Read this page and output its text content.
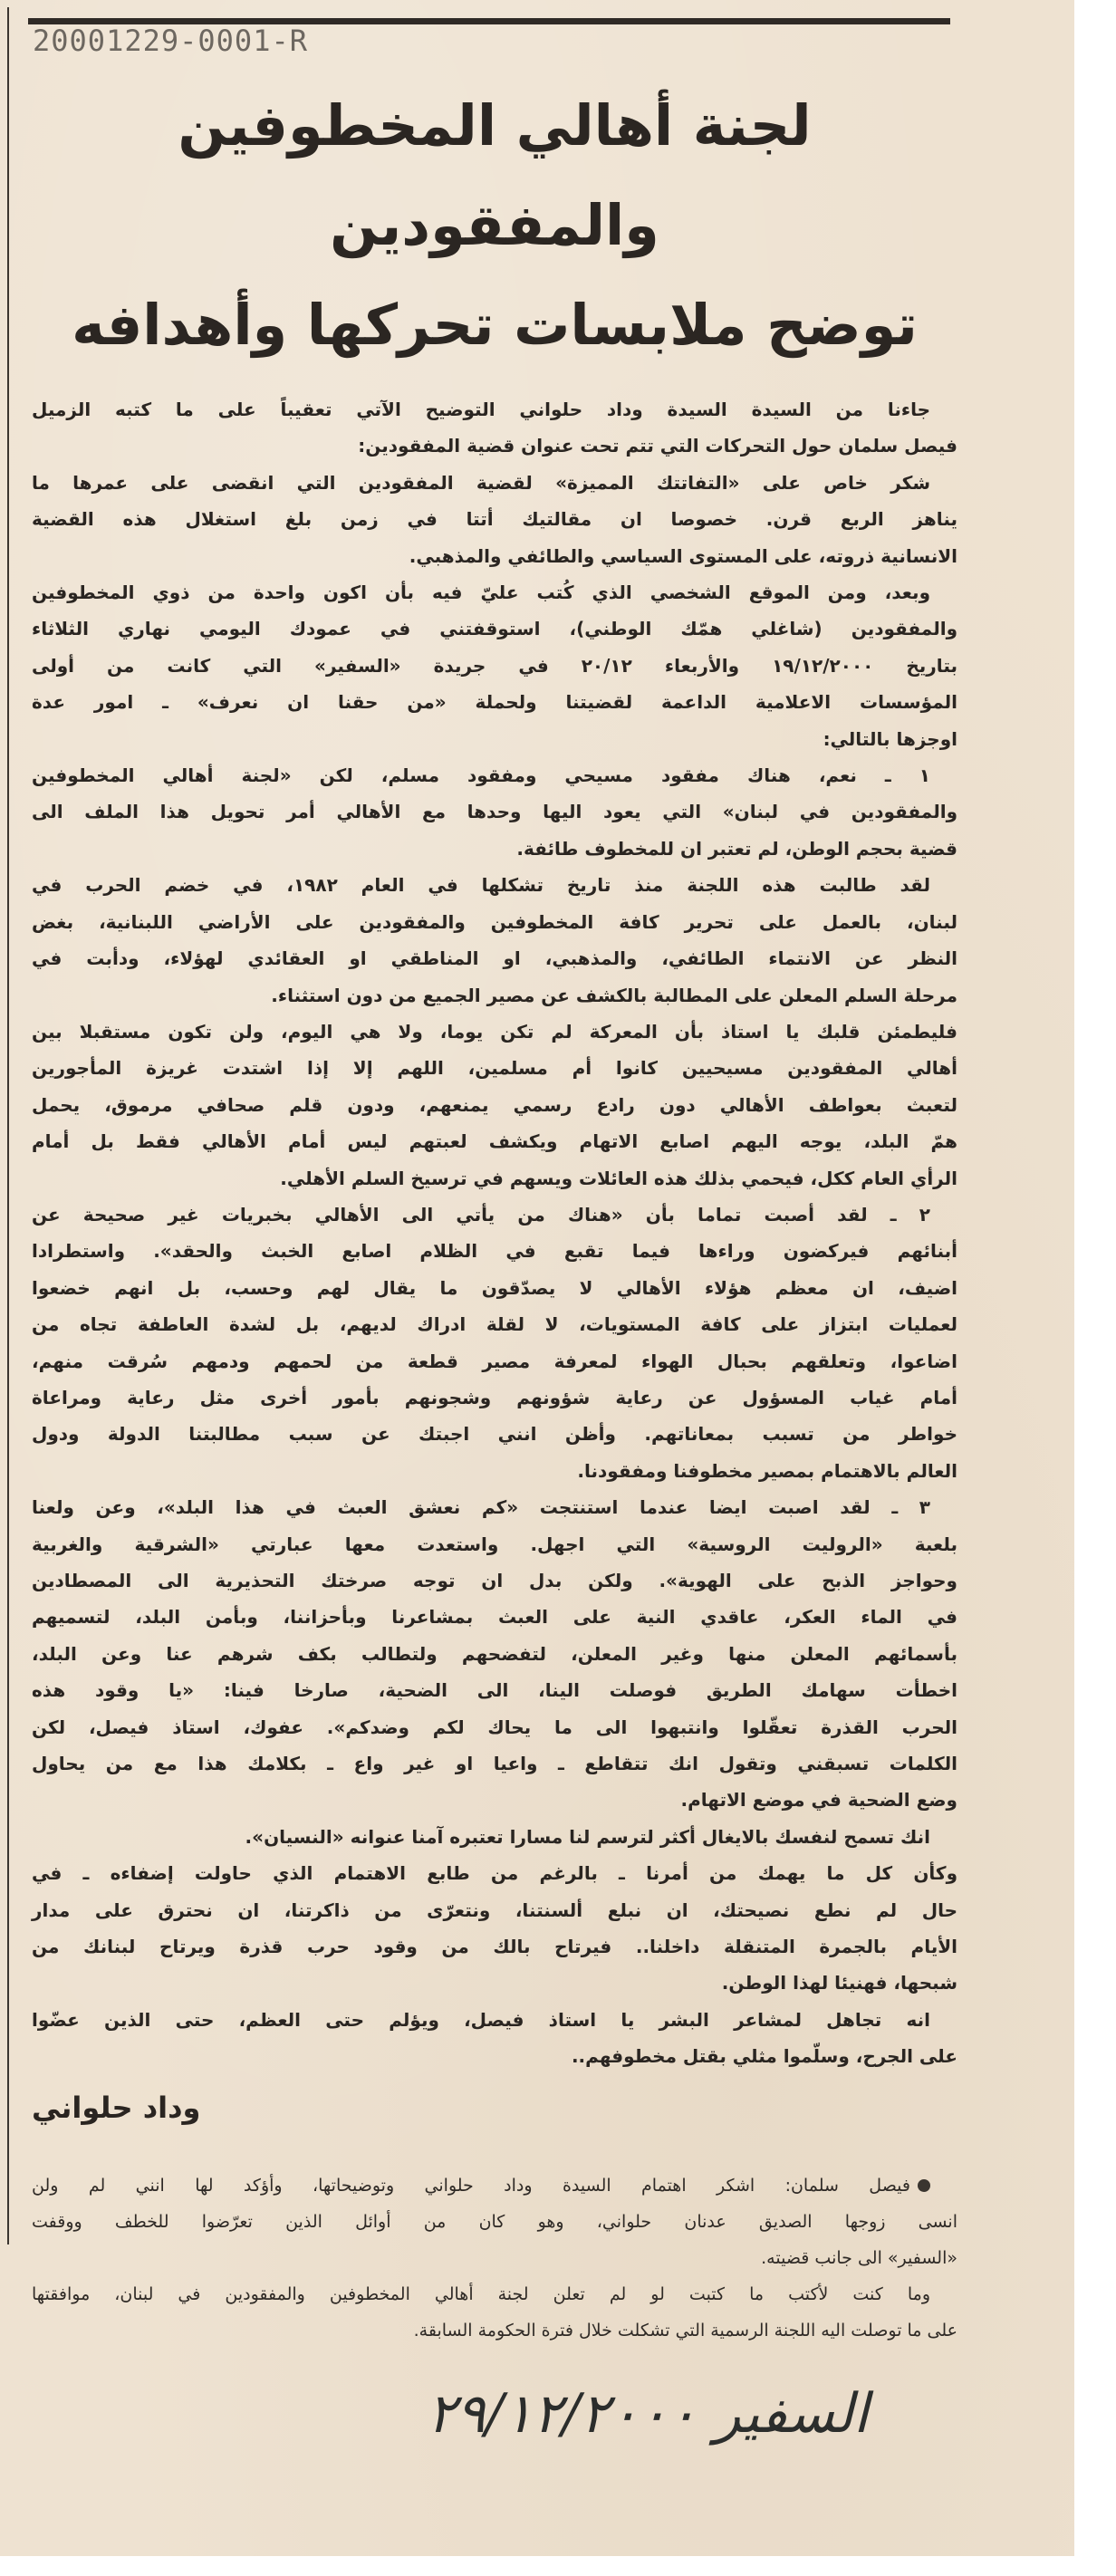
20001229-0001-R
لجنة أهالي المخطوفين والمفقودين
توضح ملابسات تحركها وأهدافه
جاءنا من السيدة السيدة وداد حلواني التوضيح الآتي تعقيباً على ما كتبه الزميل
فيصل سلمان حول التحركات التي تتم تحت عنوان قضية المفقودين:
شكر خاص على «التفاتتك المميزة» لقضية المفقودين التي انقضى على عمرها ما
يناهز الربع قرن. خصوصا ان مقالتيك أتتا في زمن بلغ استغلال هذه القضية
الانسانية ذروته، على المستوى السياسي والطائفي والمذهبي.
وبعد، ومن الموقع الشخصي الذي كُتب عليّ فيه بأن اكون واحدة من ذوي المخطوفين
والمفقودين (شاغلي همّك الوطني)، استوقفتني في عمودك اليومي نهاري الثلاثاء
بتاريخ ١٩/١٢/٢٠٠٠ والأربعاء ٢٠/١٢ في جريدة «السفير» التي كانت من أولى
المؤسسات الاعلامية الداعمة لقضيتنا ولحملة «من حقنا ان نعرف» ـ امور عدة
اوجزها بالتالي:
١ ـ نعم، هناك مفقود مسيحي ومفقود مسلم، لكن «لجنة أهالي المخطوفين
والمفقودين في لبنان» التي يعود اليها وحدها مع الأهالي أمر تحويل هذا الملف الى
قضية بحجم الوطن، لم تعتبر ان للمخطوف طائفة.
لقد طالبت هذه اللجنة منذ تاريخ تشكلها في العام ١٩٨٢، في خضم الحرب في
لبنان، بالعمل على تحرير كافة المخطوفين والمفقودين على الأراضي اللبنانية، بغض
النظر عن الانتماء الطائفي، والمذهبي، او المناطقي او العقائدي لهؤلاء، ودأبت في
مرحلة السلم المعلن على المطالبة بالكشف عن مصير الجميع من دون استثناء.
فليطمئن قلبك يا استاذ بأن المعركة لم تكن يوما، ولا هي اليوم، ولن تكون مستقبلا بين
أهالي المفقودين مسيحيين كانوا أم مسلمين، اللهم إلا إذا اشتدت غريزة المأجورين
لتعبث بعواطف الأهالي دون رادع رسمي يمنعهم، ودون قلم صحافي مرموق، يحمل
همّ البلد، يوجه اليهم اصابع الاتهام ويكشف لعبتهم ليس أمام الأهالي فقط بل أمام
الرأي العام ككل، فيحمي بذلك هذه العائلات ويسهم في ترسيخ السلم الأهلي.
٢ ـ لقد أصبت تماما بأن «هناك من يأتي الى الأهالي بخبريات غير صحيحة عن
أبنائهم فيركضون وراءها فيما تقبع في الظلام اصابع الخبث والحقد». واستطرادا
اضيف، ان معظم هؤلاء الأهالي لا يصدّقون ما يقال لهم وحسب، بل انهم خضعوا
لعمليات ابتزاز على كافة المستويات، لا لقلة ادراك لديهم، بل لشدة العاطفة تجاه من
اضاعوا، وتعلقهم بحبال الهواء لمعرفة مصير قطعة من لحمهم ودمهم سُرقت منهم،
أمام غياب المسؤول عن رعاية شؤونهم وشجونهم بأمور أخرى مثل رعاية ومراعاة
خواطر من تسبب بمعاناتهم. وأظن انني اجبتك عن سبب مطالبتنا الدولة ودول
العالم بالاهتمام بمصير مخطوفنا ومفقودنا.
٣ ـ لقد اصبت ايضا عندما استنتجت «كم نعشق العبث في هذا البلد»، وعن ولعنا
بلعبة «الروليت الروسية» التي اجهل. واستعدت معها عبارتي «الشرقية والغربية
وحواجز الذبح على الهوية». ولكن بدل ان توجه صرختك التحذيرية الى المصطادين
في الماء العكر، عاقدي النية على العبث بمشاعرنا وبأحزاننا، وبأمن البلد، لتسميهم
بأسمائهم المعلن منها وغير المعلن، لتفضحهم ولتطالب بكف شرهم عنا وعن البلد،
اخطأت سهامك الطريق فوصلت الينا، الى الضحية، صارخا فينا: «يا وقود هذه
الحرب القذرة تعقّلوا وانتبهوا الى ما يحاك لكم وضدكم». عفوك، استاذ فيصل، لكن
الكلمات تسبقني وتقول انك تتقاطع ـ واعيا او غير واع ـ بكلامك هذا مع من يحاول
وضع الضحية في موضع الاتهام.
انك تسمح لنفسك بالايغال أكثر لترسم لنا مسارا تعتبره آمنا عنوانه «النسيان».
وكأن كل ما يهمك من أمرنا ـ بالرغم من طابع الاهتمام الذي حاولت إضفاءه ـ في
حال لم نطع نصيحتك، ان نبلع ألسنتنا، ونتعرّى من ذاكرتنا، ان نحترق على مدار
الأيام بالجمرة المتنقلة داخلنا.. فيرتاح بالك من وقود حرب قذرة ويرتاح لبنانك من
شبحها، فهنيئا لهذا الوطن.
انه تجاهل لمشاعر البشر يا استاذ فيصل، ويؤلم حتى العظم، حتى الذين عضّوا
على الجرح، وسلّموا مثلي بقتل مخطوفهم..
وداد حلواني
فيصل سلمان: اشكر اهتمام السيدة وداد حلواني وتوضيحاتها، وأؤكد لها انني لم ولن
انسى زوجها الصديق عدنان حلواني، وهو كان من أوائل الذين تعرّضوا للخطف ووقفت
«السفير» الى جانب قضيته.
وما كنت لأكتب ما كتبت لو لم تعلن لجنة أهالي المخطوفين والمفقودين في لبنان، موافقتها
على ما توصلت اليه اللجنة الرسمية التي تشكلت خلال فترة الحكومة السابقة.
السفير ٢٩/١٢/٢٠٠٠
